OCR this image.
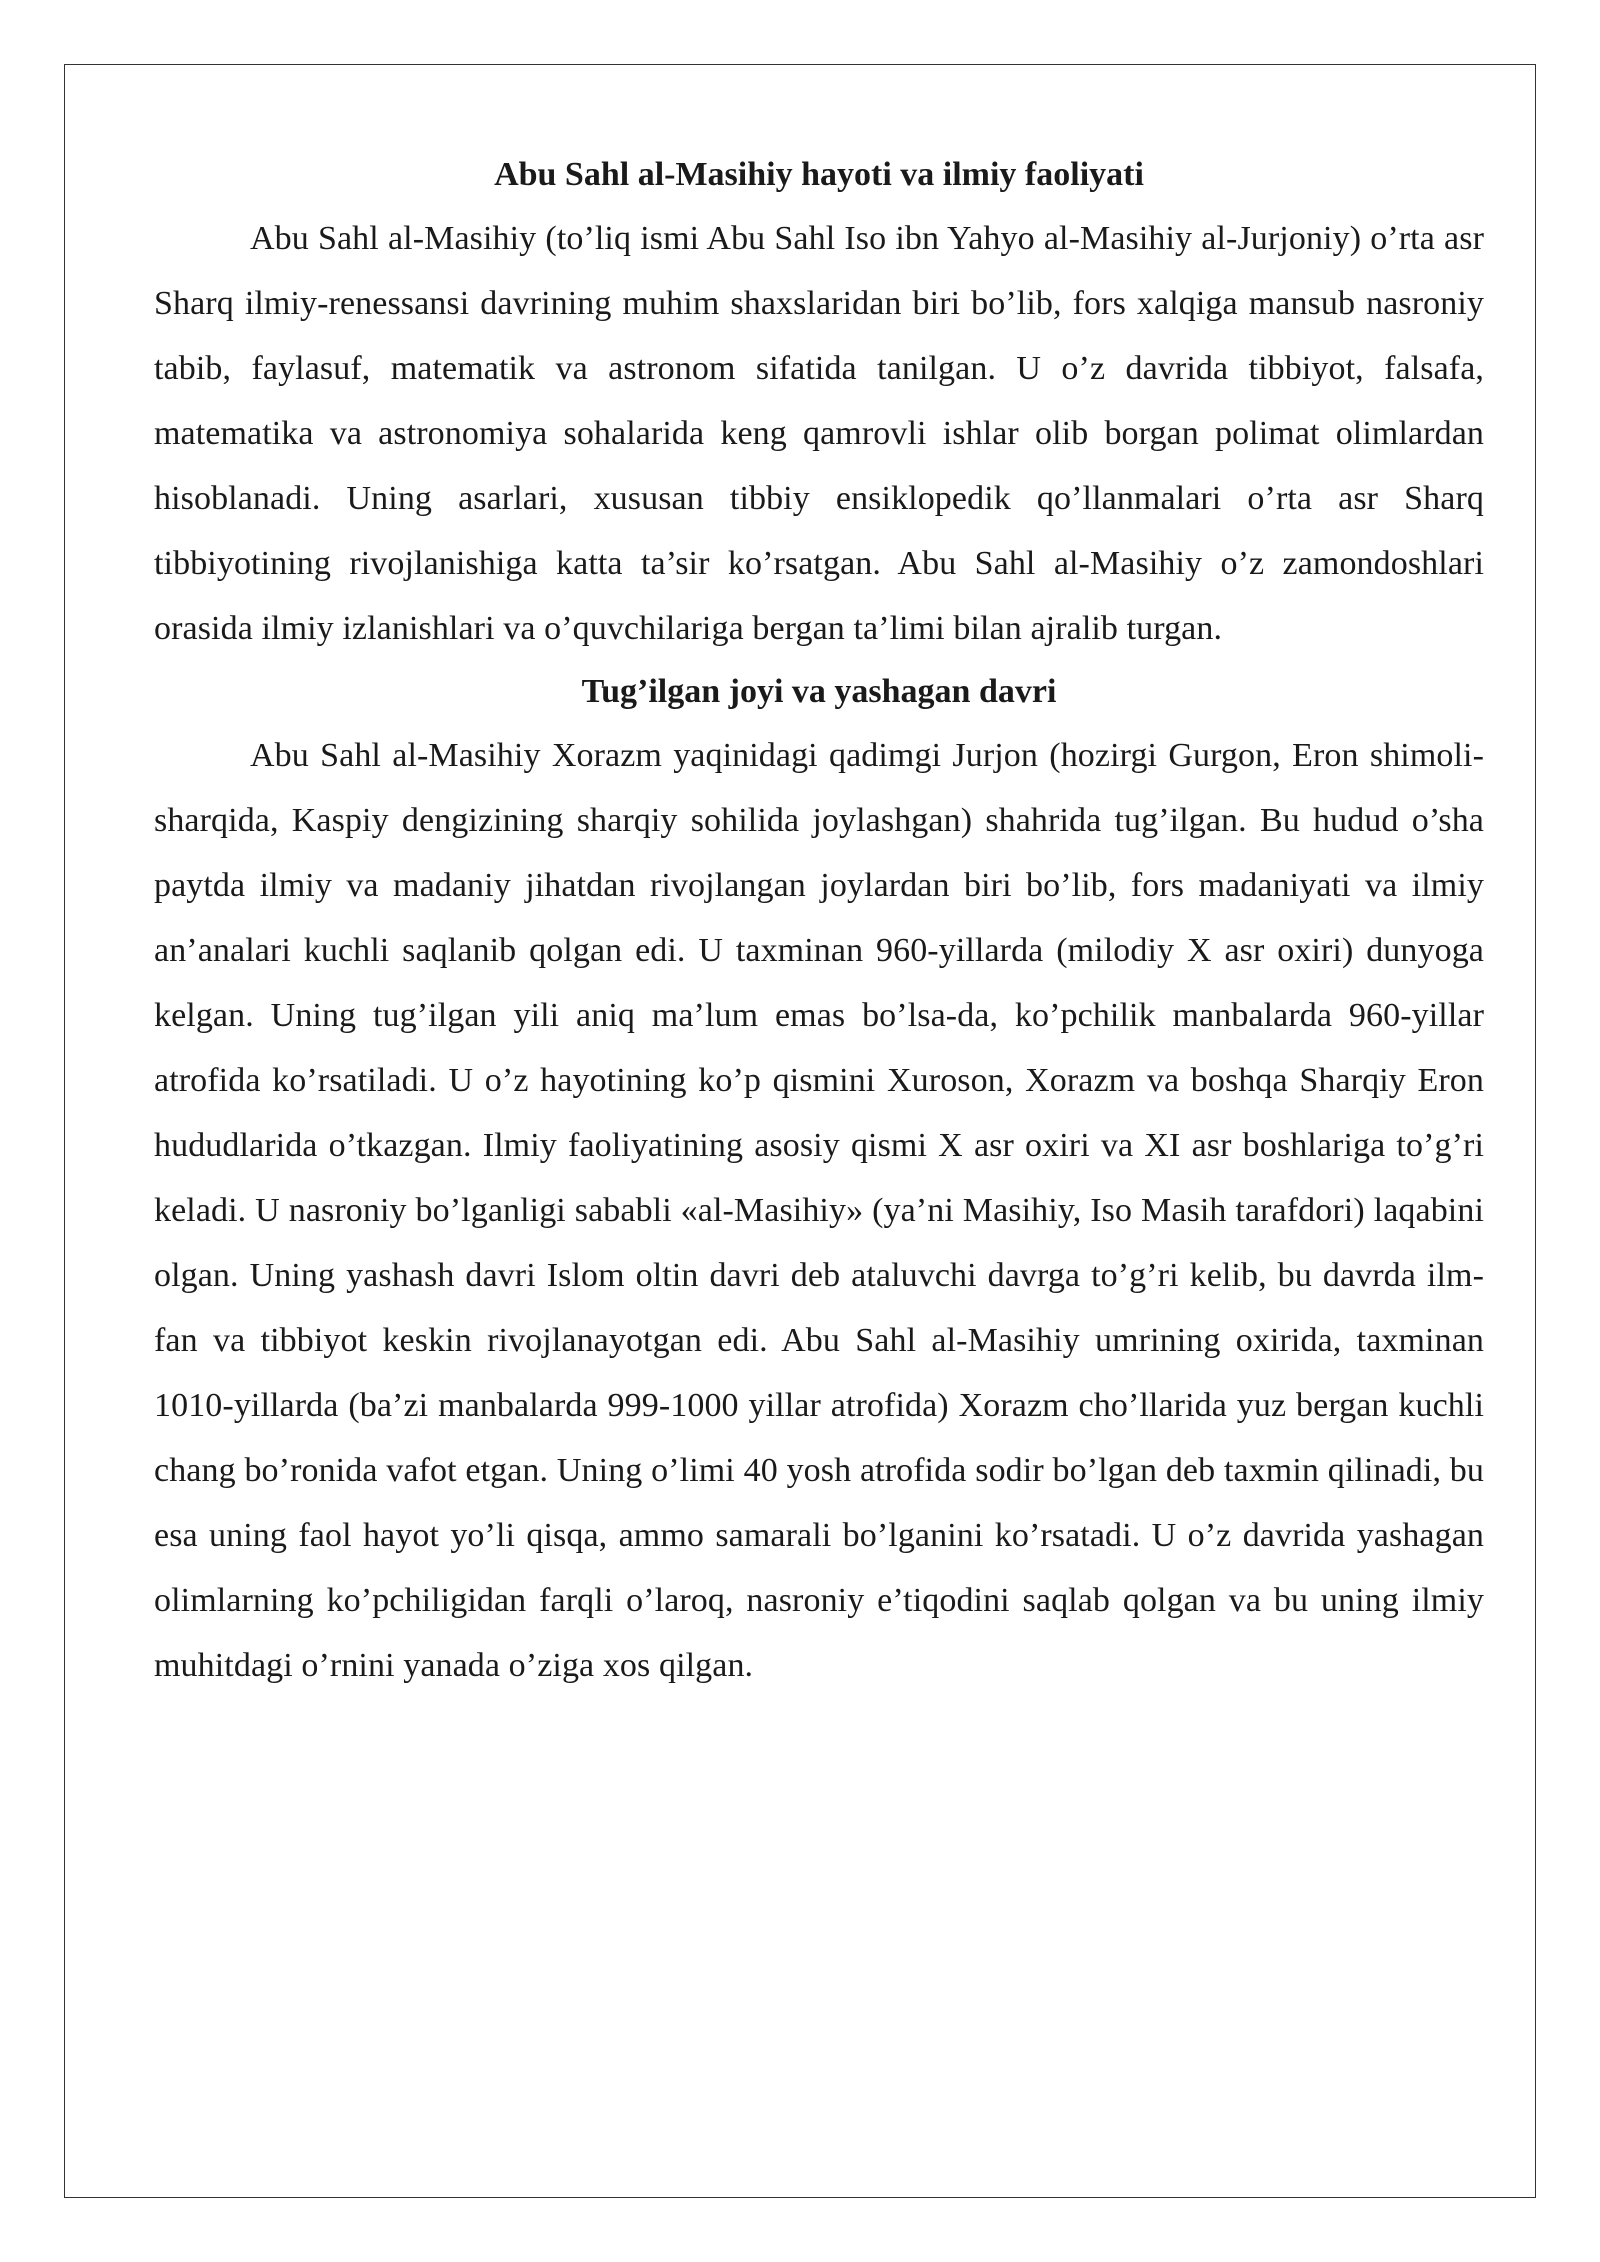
Abu Sahl al-Masihiy hayoti va ilmiy faoliyati

Abu Sahl al-Masihiy (to’liq ismi Abu Sahl Iso ibn Yahyo al-Masihiy al-Jurjoniy) o’rta asr Sharq ilmiy-renessansi davrining muhim shaxslaridan biri bo’lib, fors xalqiga mansub nasroniy tabib, faylasuf, matematik va astronom sifatida tanilgan. U o’z davrida tibbiyot, falsafa, matematika va astronomiya sohalarida keng qamrovli ishlar olib borgan polimat olimlardan hisoblanadi. Uning asarlari, xususan tibbiy ensiklopedik qo’llanmalari o’rta asr Sharq tibbiyotining rivojlanishiga katta ta’sir ko’rsatgan. Abu Sahl al-Masihiy o’z zamondoshlari orasida ilmiy izlanishlari va o’quvchilariga bergan ta’limi bilan ajralib turgan.

Tug’ilgan joyi va yashagan davri

Abu Sahl al-Masihiy Xorazm yaqinidagi qadimgi Jurjon (hozirgi Gurgon, Eron shimoli-sharqida, Kaspiy dengizining sharqiy sohilida joylashgan) shahrida tug’ilgan. Bu hudud o’sha paytda ilmiy va madaniy jihatdan rivojlangan joylardan biri bo’lib, fors madaniyati va ilmiy an’analari kuchli saqlanib qolgan edi. U taxminan 960-yillarda (milodiy X asr oxiri) dunyoga kelgan. Uning tug’ilgan yili aniq ma’lum emas bo’lsa-da, ko’pchilik manbalarda 960-yillar atrofida ko’rsatiladi. U o’z hayotining ko’p qismini Xuroson, Xorazm va boshqa Sharqiy Eron hududlarida o’tkazgan. Ilmiy faoliyatining asosiy qismi X asr oxiri va XI asr boshlariga to’g’ri keladi. U nasroniy bo’lganligi sababli «al-Masihiy» (ya’ni Masihiy, Iso Masih tarafdori) laqabini olgan. Uning yashash davri Islom oltin davri deb ataluvchi davrga to’g’ri kelib, bu davrda ilm-fan va tibbiyot keskin rivojlanayotgan edi. Abu Sahl al-Masihiy umrining oxirida, taxminan 1010-yillarda (ba’zi manbalarda 999-1000 yillar atrofida) Xorazm cho’llarida yuz bergan kuchli chang bo’ronida vafot etgan. Uning o’limi 40 yosh atrofida sodir bo’lgan deb taxmin qilinadi, bu esa uning faol hayot yo’li qisqa, ammo samarali bo’lganini ko’rsatadi. U o’z davrida yashagan olimlarning ko’pchiligidan farqli o’laroq, nasroniy e’tiqodini saqlab qolgan va bu uning ilmiy muhitdagi o’rnini yanada o’ziga xos qilgan.
